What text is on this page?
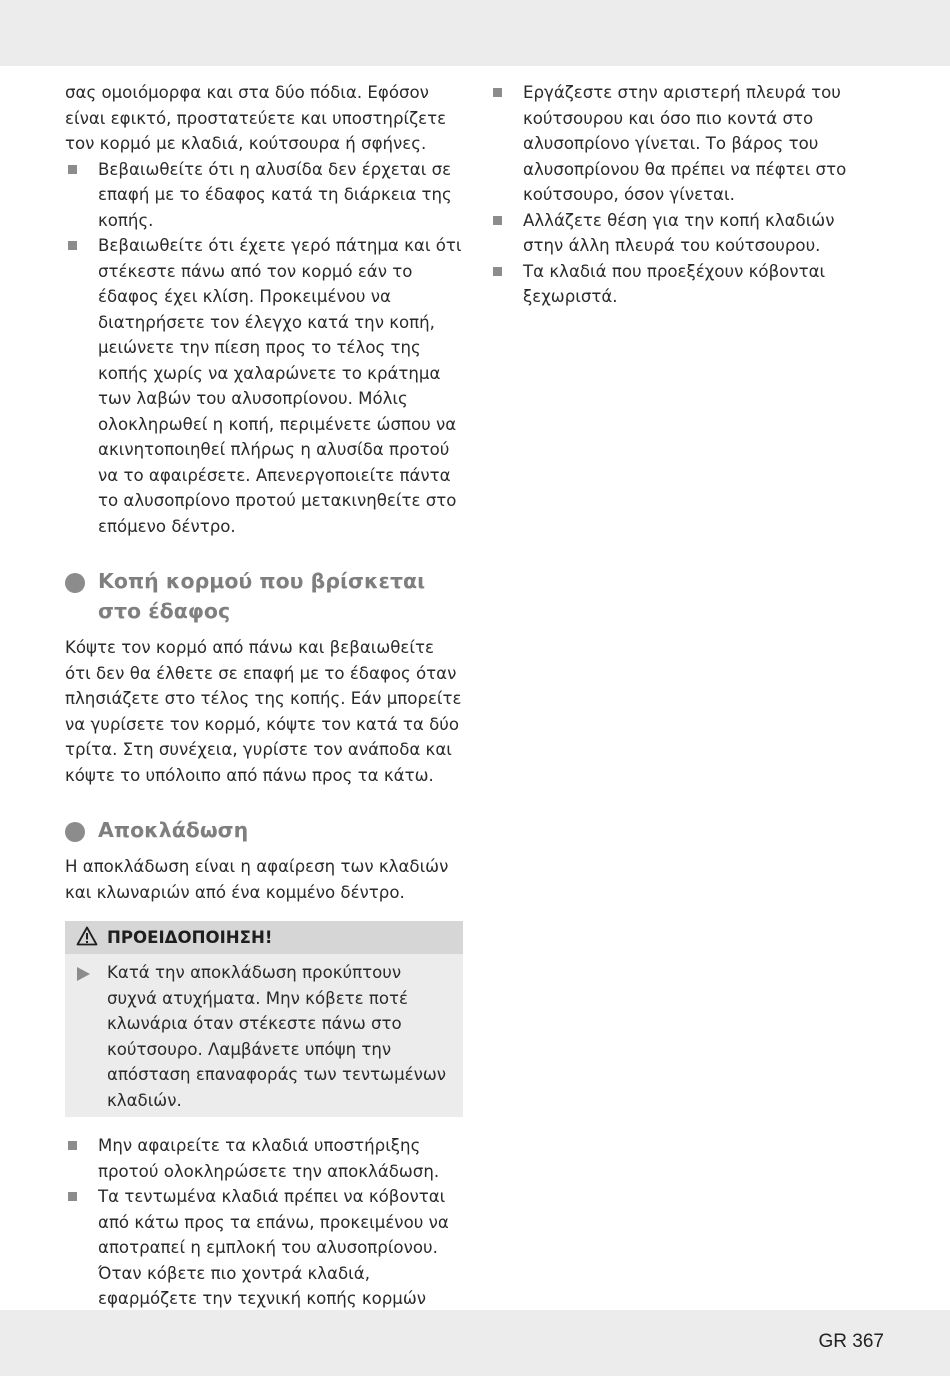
σας ομοιόμορφα και στα δύο πόδια. Εφόσον είναι εφικτό, προστατεύετε και υποστηρίζετε τον κορμό με κλαδιά, κούτσουρα ή σφήνες.

Βεβαιωθείτε ότι η αλυσίδα δεν έρχεται σε επαφή με το έδαφος κατά τη διάρκεια της κοπής.
Βεβαιωθείτε ότι έχετε γερό πάτημα και ότι στέκεστε πάνω από τον κορμό εάν το έδαφος έχει κλίση. Προκειμένου να διατηρήσετε τον έλεγχο κατά την κοπή, μειώνετε την πίεση προς το τέλος της κοπής χωρίς να χαλαρώνετε το κράτημα των λαβών του αλυσοπρίονου. Μόλις ολοκληρωθεί η κοπή, περιμένετε ώσπου να ακινητοποιηθεί πλήρως η αλυσίδα προτού να το αφαιρέσετε. Απενεργοποιείτε πάντα το αλυσοπρίονο προτού μετακινηθείτε στο επόμενο δέντρο.
Κοπή κορμού που βρίσκεται στο έδαφος

Κόψτε τον κορμό από πάνω και βεβαιωθείτε ότι δεν θα έλθετε σε επαφή με το έδαφος όταν πλησιάζετε στο τέλος της κοπής. Εάν μπορείτε να γυρίσετε τον κορμό, κόψτε τον κατά τα δύο τρίτα. Στη συνέχεια, γυρίστε τον ανάποδα και κόψτε το υπόλοιπο από πάνω προς τα κάτω.

Αποκλάδωση

Η αποκλάδωση είναι η αφαίρεση των κλαδιών και κλωναριών από ένα κομμένο δέντρο.

ΠΡΟΕΙΔΟΠΟΙΗΣΗ!
Κατά την αποκλάδωση προκύπτουν συχνά ατυχήματα. Μην κόβετε ποτέ κλωνάρια όταν στέκεστε πάνω στο κούτσουρο. Λαμβάνετε υπόψη την απόσταση επαναφοράς των τεντωμένων κλαδιών.
Μην αφαιρείτε τα κλαδιά υποστήριξης προτού ολοκληρώσετε την αποκλάδωση.
Τα τεντωμένα κλαδιά πρέπει να κόβονται από κάτω προς τα επάνω, προκειμένου να αποτραπεί η εμπλοκή του αλυσοπρίονου. Όταν κόβετε πιο χοντρά κλαδιά, εφαρμόζετε την τεχνική κοπής κορμών
Εργάζεστε στην αριστερή πλευρά του κούτσουρου και όσο πιο κοντά στο αλυσοπρίονο γίνεται. Το βάρος του αλυσοπρίονου θα πρέπει να πέφτει στο κούτσουρο, όσον γίνεται.
Αλλάζετε θέση για την κοπή κλαδιών στην άλλη πλευρά του κούτσουρου.
Τα κλαδιά που προεξέχουν κόβονται ξεχωριστά.
GR 367
